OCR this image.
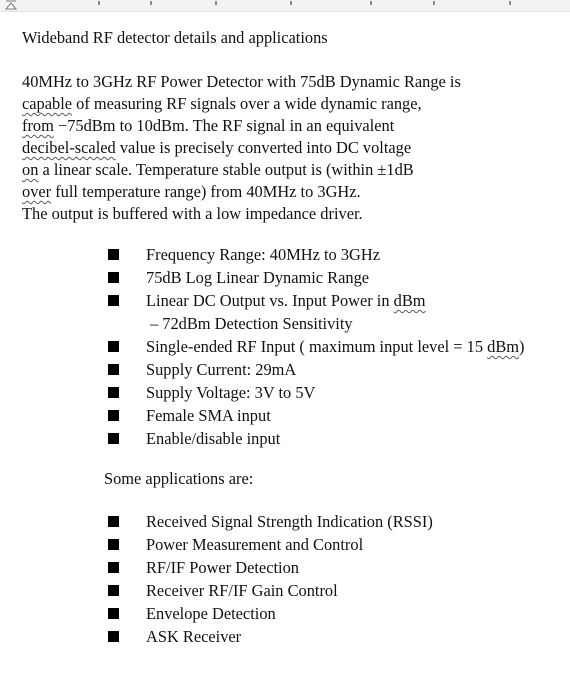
Wideband RF detector details and applications
40MHz to 3GHz RF Power Detector with 75dB Dynamic Range is
capable of measuring RF signals over a wide dynamic range,
from −75dBm to 10dBm. The RF signal in an equivalent
decibel-scaled value is precisely converted into DC voltage
on a linear scale. Temperature stable output is (within ±1dB
over full temperature range) from 40MHz to 3GHz.
The output is buffered with a low impedance driver.
Frequency Range: 40MHz to 3GHz
75dB Log Linear Dynamic Range
Linear DC Output vs. Input Power in dBm
– 72dBm Detection Sensitivity
Single-ended RF Input ( maximum input level = 15 dBm)
Supply Current: 29mA
Supply Voltage: 3V to 5V
Female SMA input
Enable/disable input
Some applications are:
Received Signal Strength Indication (RSSI)
Power Measurement and Control
RF/IF Power Detection
Receiver RF/IF Gain Control
Envelope Detection
ASK Receiver
